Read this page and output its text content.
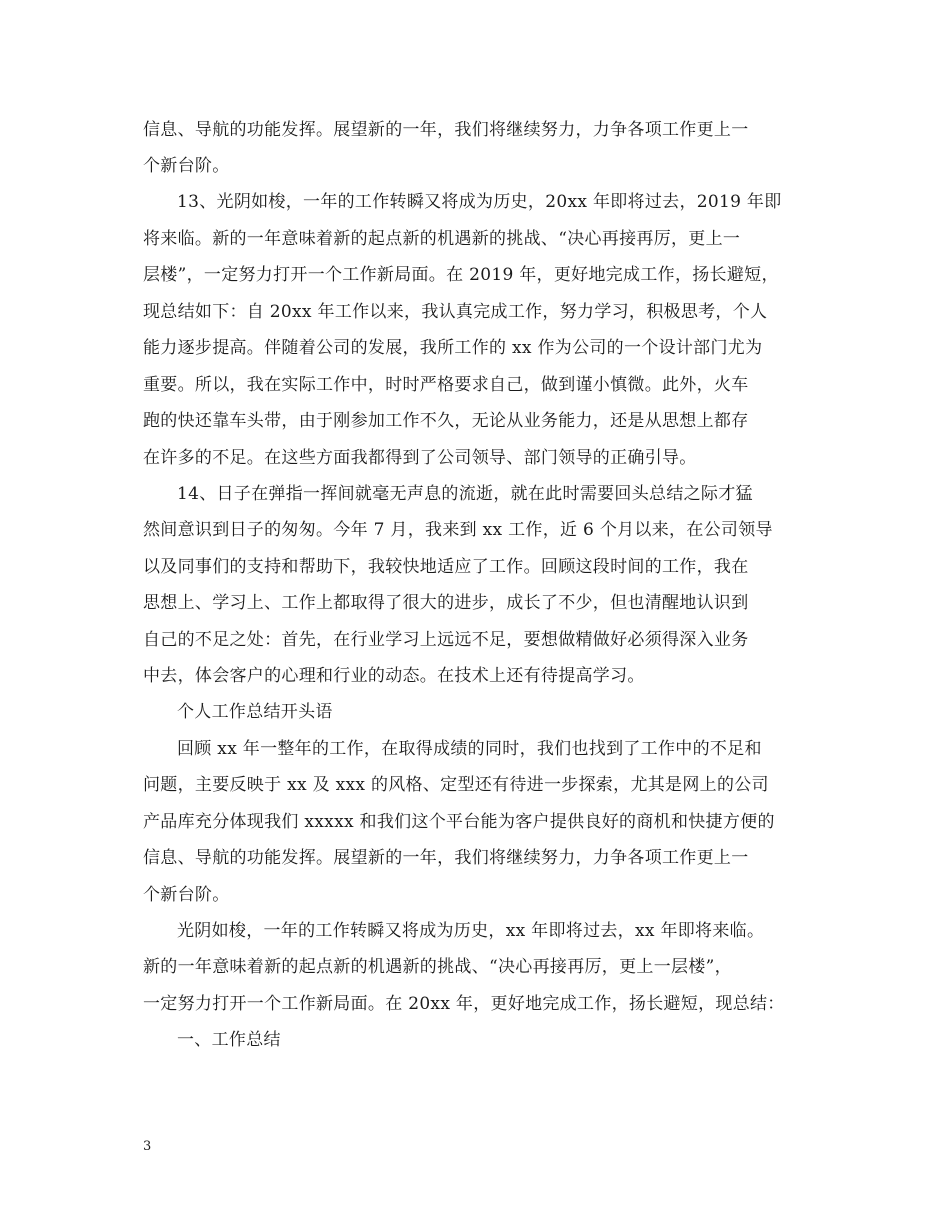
信息、导航的功能发挥。展望新的一年，我们将继续努力，力争各项工作更上一
个新台阶。
13、光阴如梭，一年的工作转瞬又将成为历史，20xx 年即将过去，2019 年即
将来临。新的一年意味着新的起点新的机遇新的挑战、“决心再接再厉，更上一
层楼”，一定努力打开一个工作新局面。在 2019 年，更好地完成工作，扬长避短，
现总结如下：自 20xx 年工作以来，我认真完成工作，努力学习，积极思考，个人
能力逐步提高。伴随着公司的发展，我所工作的 xx 作为公司的一个设计部门尤为
重要。所以，我在实际工作中，时时严格要求自己，做到谨小慎微。此外，火车
跑的快还靠车头带，由于刚参加工作不久，无论从业务能力，还是从思想上都存
在许多的不足。在这些方面我都得到了公司领导、部门领导的正确引导。
14、日子在弹指一挥间就毫无声息的流逝，就在此时需要回头总结之际才猛
然间意识到日子的匆匆。今年 7 月，我来到 xx 工作，近 6 个月以来，在公司领导
以及同事们的支持和帮助下，我较快地适应了工作。回顾这段时间的工作，我在
思想上、学习上、工作上都取得了很大的进步，成长了不少，但也清醒地认识到
自己的不足之处：首先，在行业学习上远远不足，要想做精做好必须得深入业务
中去，体会客户的心理和行业的动态。在技术上还有待提高学习。
个人工作总结开头语
回顾 xx 年一整年的工作，在取得成绩的同时，我们也找到了工作中的不足和
问题，主要反映于 xx 及 xxx 的风格、定型还有待进一步探索，尤其是网上的公司
产品库充分体现我们 xxxxx 和我们这个平台能为客户提供良好的商机和快捷方便的
信息、导航的功能发挥。展望新的一年，我们将继续努力，力争各项工作更上一
个新台阶。
光阴如梭，一年的工作转瞬又将成为历史，xx 年即将过去，xx 年即将来临。
新的一年意味着新的起点新的机遇新的挑战、“决心再接再厉，更上一层楼”，
一定努力打开一个工作新局面。在 20xx 年，更好地完成工作，扬长避短，现总结：
一、工作总结
3
